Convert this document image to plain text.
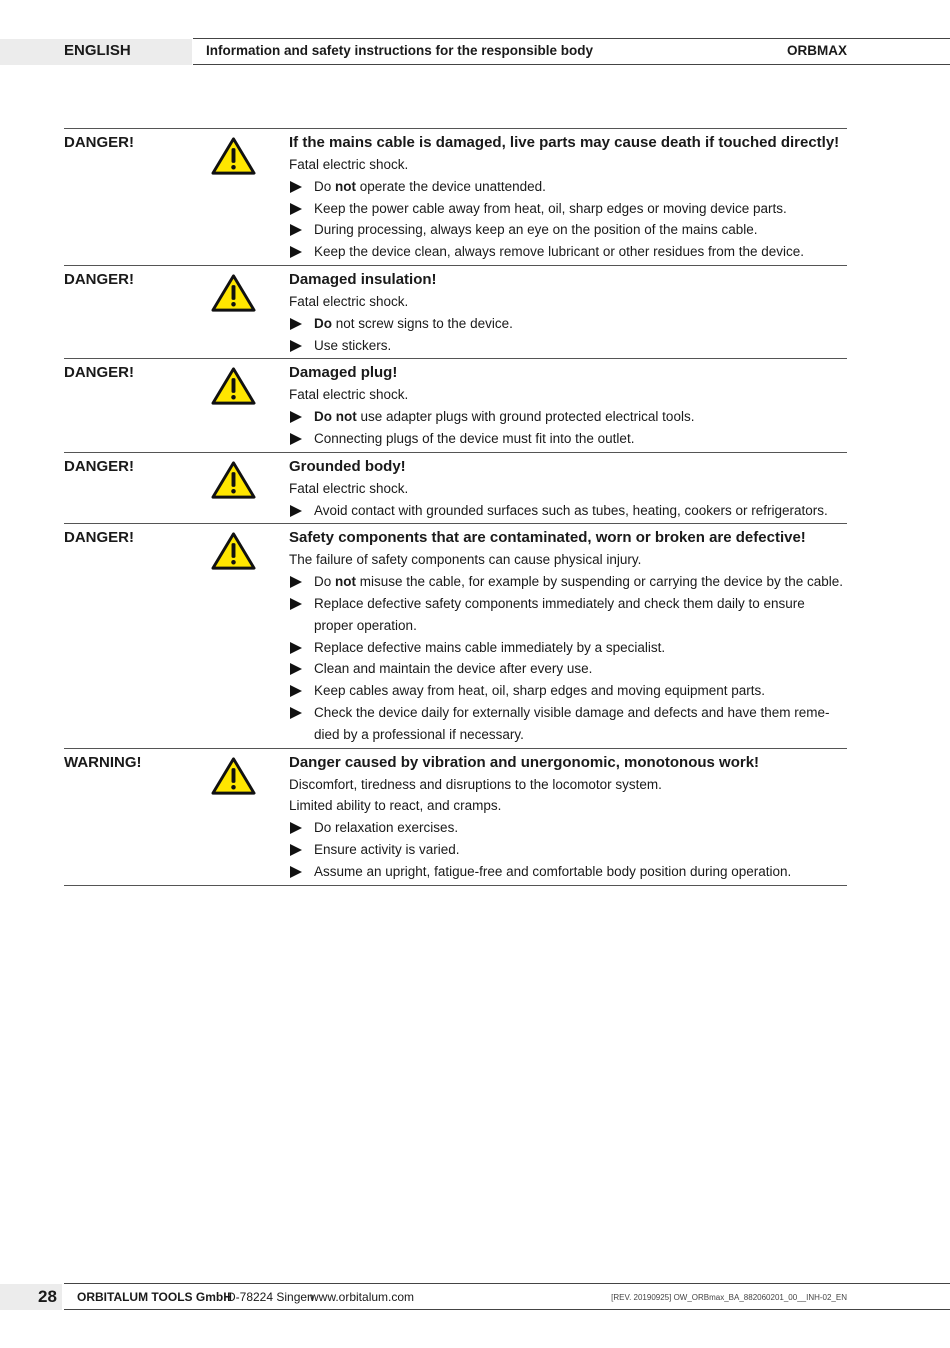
ENGLISH	Information and safety instructions for the responsible body	ORBMAX
DANGER!	If the mains cable is damaged, live parts may cause death if touched directly!
Fatal electric shock.
Do not operate the device unattended.
Keep the power cable away from heat, oil, sharp edges or moving device parts.
During processing, always keep an eye on the position of the mains cable.
Keep the device clean, always remove lubricant or other residues from the device.
DANGER!	Damaged insulation!
Fatal electric shock.
Do not screw signs to the device.
Use stickers.
DANGER!	Damaged plug!
Fatal electric shock.
Do not use adapter plugs with ground protected electrical tools.
Connecting plugs of the device must fit into the outlet.
DANGER!	Grounded body!
Fatal electric shock.
Avoid contact with grounded surfaces such as tubes, heating, cookers or refrigerators.
DANGER!	Safety components that are contaminated, worn or broken are defective!
The failure of safety components can cause physical injury.
Do not misuse the cable, for example by suspending or carrying the device by the cable.
Replace defective safety components immediately and check them daily to ensure proper operation.
Replace defective mains cable immediately by a specialist.
Clean and maintain the device after every use.
Keep cables away from heat, oil, sharp edges and moving equipment parts.
Check the device daily for externally visible damage and defects and have them reme-died by a professional if necessary.
WARNING!	Danger caused by vibration and unergonomic, monotonous work!
Discomfort, tiredness and disruptions to the locomotor system.
Limited ability to react, and cramps.
Do relaxation exercises.
Ensure activity is varied.
Assume an upright, fatigue-free and comfortable body position during operation.
28 ORBITALUM TOOLS GmbH
D-78224 Singen
www.orbitalum.com	[REV. 20190925] OW_ORBmax_BA_882060201_00__INH-02_EN
